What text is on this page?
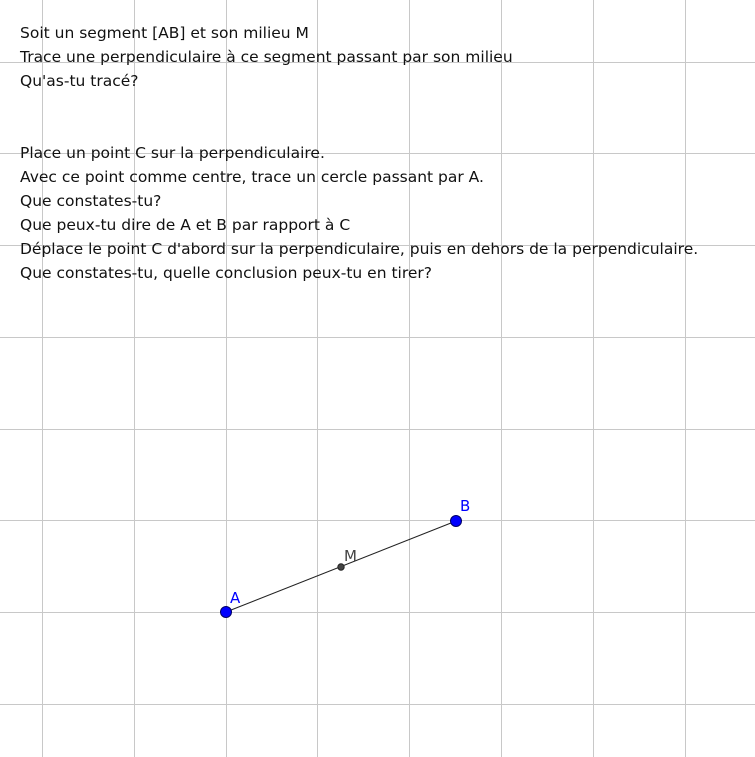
M
A
B
Soit un segment [AB] et son milieu M
Trace une perpendiculaire à ce segment passant par son milieu
Qu'as-tu tracé?
Place un point C sur la perpendiculaire.
Avec ce point comme centre, trace un cercle passant par A.
Que constates-tu?
Que peux-tu dire de A et B par rapport à C
Déplace le point C d'abord sur la perpendiculaire, puis en dehors de la perpendiculaire.
Que constates-tu, quelle conclusion peux-tu en tirer?
